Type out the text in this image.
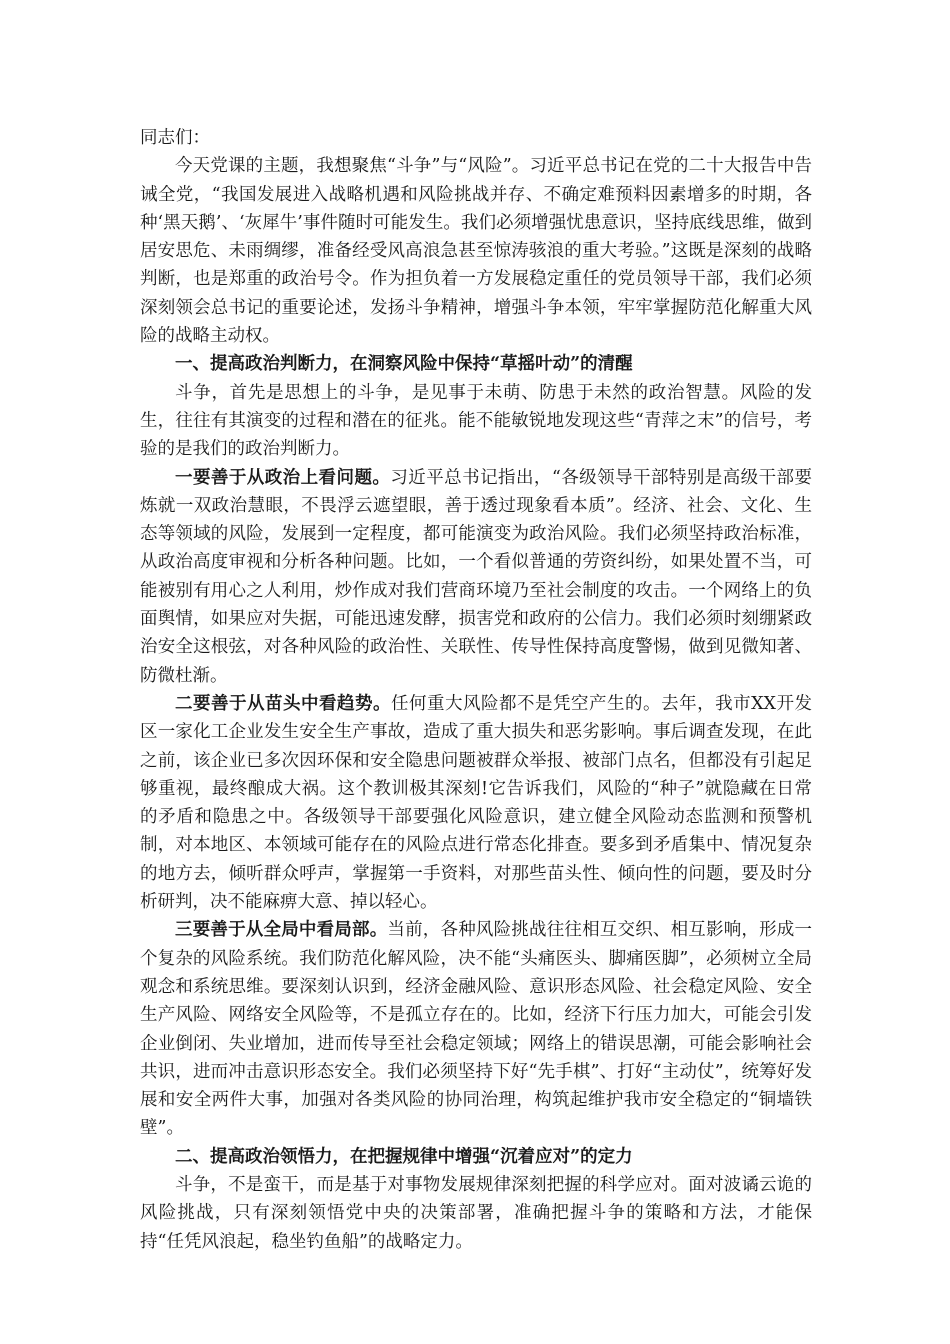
同志们：

今天党课的主题，我想聚焦“斗争”与“风险”。习近平总书记在党的二十大报告中告诫全党，“我国发展进入战略机遇和风险挑战并存、不确定难预料因素增多的时期，各种‘黑天鹅’、‘灰犀牛’事件随时可能发生。我们必须增强忧患意识，坚持底线思维，做到居安思危、未雨绸缪，准备经受风高浪急甚至惊涛骇浪的重大考验。”这既是深刻的战略判断，也是郑重的政治号令。作为担负着一方发展稳定重任的党员领导干部，我们必须深刻领会总书记的重要论述，发扬斗争精神，增强斗争本领，牢牢掌握防范化解重大风险的战略主动权。

一、提高政治判断力，在洞察风险中保持“草摇叶动”的清醒

斗争，首先是思想上的斗争，是见事于未萌、防患于未然的政治智慧。风险的发生，往往有其演变的过程和潜在的征兆。能不能敏锐地发现这些“青萍之末”的信号，考验的是我们的政治判断力。

一要善于从政治上看问题。习近平总书记指出，“各级领导干部特别是高级干部要炼就一双政治慧眼，不畏浮云遮望眼，善于透过现象看本质”。经济、社会、文化、生态等领域的风险，发展到一定程度，都可能演变为政治风险。我们必须坚持政治标准，从政治高度审视和分析各种问题。比如，一个看似普通的劳资纠纷，如果处置不当，可能被别有用心之人利用，炒作成对我们营商环境乃至社会制度的攻击。一个网络上的负面舆情，如果应对失据，可能迅速发酵，损害党和政府的公信力。我们必须时刻绷紧政治安全这根弦，对各种风险的政治性、关联性、传导性保持高度警惕，做到见微知著、防微杜渐。

二要善于从苗头中看趋势。任何重大风险都不是凭空产生的。去年，我市XX开发区一家化工企业发生安全生产事故，造成了重大损失和恶劣影响。事后调查发现，在此之前，该企业已多次因环保和安全隐患问题被群众举报、被部门点名，但都没有引起足够重视，最终酿成大祸。这个教训极其深刻!它告诉我们，风险的“种子”就隐藏在日常的矛盾和隐患之中。各级领导干部要强化风险意识，建立健全风险动态监测和预警机制，对本地区、本领域可能存在的风险点进行常态化排查。要多到矛盾集中、情况复杂的地方去，倾听群众呼声，掌握第一手资料，对那些苗头性、倾向性的问题，要及时分析研判，决不能麻痹大意、掉以轻心。

三要善于从全局中看局部。当前，各种风险挑战往往相互交织、相互影响，形成一个复杂的风险系统。我们防范化解风险，决不能“头痛医头、脚痛医脚”，必须树立全局观念和系统思维。要深刻认识到，经济金融风险、意识形态风险、社会稳定风险、安全生产风险、网络安全风险等，不是孤立存在的。比如，经济下行压力加大，可能会引发企业倒闭、失业增加，进而传导至社会稳定领域；网络上的错误思潮，可能会影响社会共识，进而冲击意识形态安全。我们必须坚持下好“先手棋”、打好“主动仗”，统筹好发展和安全两件大事，加强对各类风险的协同治理，构筑起维护我市安全稳定的“铜墙铁壁”。

二、提高政治领悟力，在把握规律中增强“沉着应对”的定力

斗争，不是蛮干，而是基于对事物发展规律深刻把握的科学应对。面对波谲云诡的风险挑战，只有深刻领悟党中央的决策部署，准确把握斗争的策略和方法，才能保持“任凭风浪起，稳坐钓鱼船”的战略定力。
